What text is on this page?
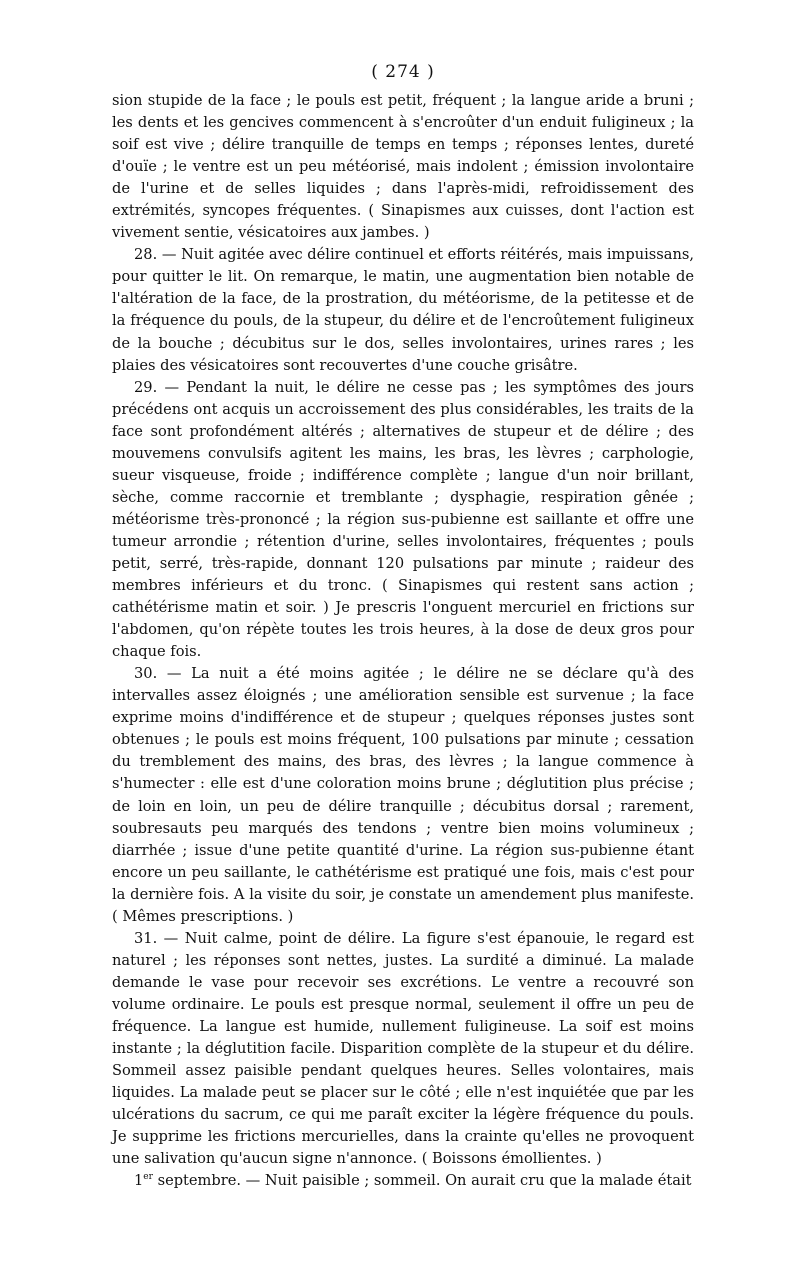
( 274 )

sion stupide de la face ; le pouls est petit, fréquent ; la langue aride a bruni ; les dents et les gencives commencent à s'encroûter d'un enduit fuligineux ; la soif est vive ; délire tranquille de temps en temps ; réponses lentes, dureté d'ouïe ; le ventre est un peu météorisé, mais indolent ; émission involontaire de l'urine et de selles liquides ; dans l'après-midi, refroidissement des extrémités, syncopes fréquentes. ( Sinapismes aux cuisses, dont l'action est vivement sentie, vésicatoires aux jambes. )

28. — Nuit agitée avec délire continuel et efforts réitérés, mais impuissans, pour quitter le lit. On remarque, le matin, une augmentation bien notable de l'altération de la face, de la prostration, du météorisme, de la petitesse et de la fréquence du pouls, de la stupeur, du délire et de l'encroûtement fuligineux de la bouche ; décubitus sur le dos, selles involontaires, urines rares ; les plaies des vésicatoires sont recouvertes d'une couche grisâtre.

29. — Pendant la nuit, le délire ne cesse pas ; les symptômes des jours précédens ont acquis un accroissement des plus considérables, les traits de la face sont profondément altérés ; alternatives de stupeur et de délire ; des mouvemens convulsifs agitent les mains, les bras, les lèvres ; carphologie, sueur visqueuse, froide ; indifférence complète ; langue d'un noir brillant, sèche, comme raccornie et tremblante ; dysphagie, respiration gênée ; météorisme très-prononcé ; la région sus-pubienne est saillante et offre une tumeur arrondie ; rétention d'urine, selles involontaires, fréquentes ; pouls petit, serré, très-rapide, donnant 120 pulsations par minute ; raideur des membres inférieurs et du tronc. ( Sinapismes qui restent sans action ; cathétérisme matin et soir. ) Je prescris l'onguent mercuriel en frictions sur l'abdomen, qu'on répète toutes les trois heures, à la dose de deux gros pour chaque fois.

30. — La nuit a été moins agitée ; le délire ne se déclare qu'à des intervalles assez éloignés ; une amélioration sensible est survenue ; la face exprime moins d'indifférence et de stupeur ; quelques réponses justes sont obtenues ; le pouls est moins fréquent, 100 pulsations par minute ; cessation du tremblement des mains, des bras, des lèvres ; la langue commence à s'humecter : elle est d'une coloration moins brune ; déglutition plus précise ; de loin en loin, un peu de délire tranquille ; décubitus dorsal ; rarement, soubresauts peu marqués des tendons ; ventre bien moins volumineux ; diarrhée ; issue d'une petite quantité d'urine. La région sus-pubienne étant encore un peu saillante, le cathétérisme est pratiqué une fois, mais c'est pour la dernière fois. A la visite du soir, je constate un amendement plus manifeste. ( Mêmes prescriptions. )

31. — Nuit calme, point de délire. La figure s'est épanouie, le regard est naturel ; les réponses sont nettes, justes. La surdité a diminué. La malade demande le vase pour recevoir ses excrétions. Le ventre a recouvré son volume ordinaire. Le pouls est presque normal, seulement il offre un peu de fréquence. La langue est humide, nullement fuligineuse. La soif est moins instante ; la déglutition facile. Disparition complète de la stupeur et du délire. Sommeil assez paisible pendant quelques heures. Selles volontaires, mais liquides. La malade peut se placer sur le côté ; elle n'est inquiétée que par les ulcérations du sacrum, ce qui me paraît exciter la légère fréquence du pouls. Je supprime les frictions mercurielles, dans la crainte qu'elles ne provoquent une salivation qu'aucun signe n'annonce. ( Boissons émollientes. )

1er septembre. — Nuit paisible ; sommeil. On aurait cru que la malade était
